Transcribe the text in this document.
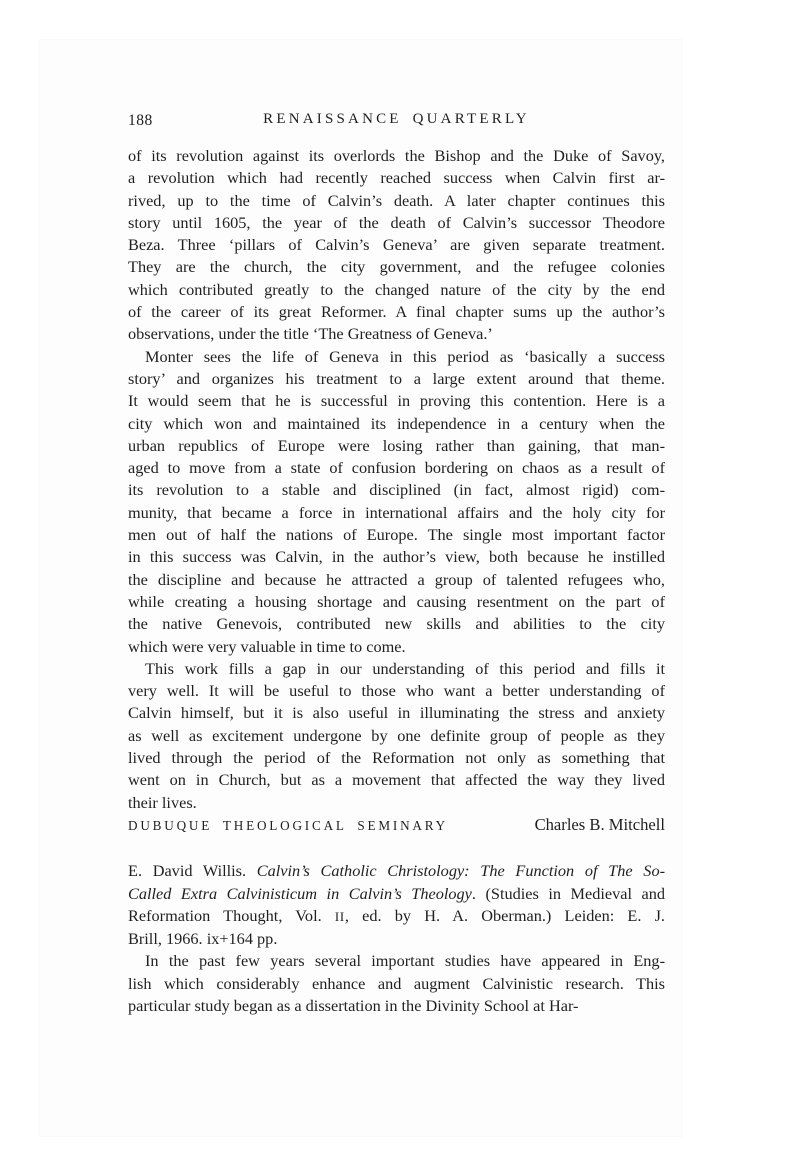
188	RENAISSANCE QUARTERLY
of its revolution against its overlords the Bishop and the Duke of Savoy,
a revolution which had recently reached success when Calvin first ar-
rived, up to the time of Calvin’s death. A later chapter continues this
story until 1605, the year of the death of Calvin’s successor Theodore
Beza. Three ‘pillars of Calvin’s Geneva’ are given separate treatment.
They are the church, the city government, and the refugee colonies
which contributed greatly to the changed nature of the city by the end
of the career of its great Reformer. A final chapter sums up the author’s
observations, under the title ‘The Greatness of Geneva.’
Monter sees the life of Geneva in this period as ‘basically a success
story’ and organizes his treatment to a large extent around that theme.
It would seem that he is successful in proving this contention. Here is a
city which won and maintained its independence in a century when the
urban republics of Europe were losing rather than gaining, that man-
aged to move from a state of confusion bordering on chaos as a result of
its revolution to a stable and disciplined (in fact, almost rigid) com-
munity, that became a force in international affairs and the holy city for
men out of half the nations of Europe. The single most important factor
in this success was Calvin, in the author’s view, both because he instilled
the discipline and because he attracted a group of talented refugees who,
while creating a housing shortage and causing resentment on the part of
the native Genevois, contributed new skills and abilities to the city
which were very valuable in time to come.
This work fills a gap in our understanding of this period and fills it
very well. It will be useful to those who want a better understanding of
Calvin himself, but it is also useful in illuminating the stress and anxiety
as well as excitement undergone by one definite group of people as they
lived through the period of the Reformation not only as something that
went on in Church, but as a movement that affected the way they lived
their lives.
DUBUQUE THEOLOGICAL SEMINARY	Charles B. Mitchell
E. David Willis. Calvin’s Catholic Christology: The Function of The So-
Called Extra Calvinisticum in Calvin’s Theology. (Studies in Medieval and
Reformation Thought, Vol. II, ed. by H. A. Oberman.) Leiden: E. J.
Brill, 1966. ix+164 pp.
In the past few years several important studies have appeared in Eng-
lish which considerably enhance and augment Calvinistic research. This
particular study began as a dissertation in the Divinity School at Har-
